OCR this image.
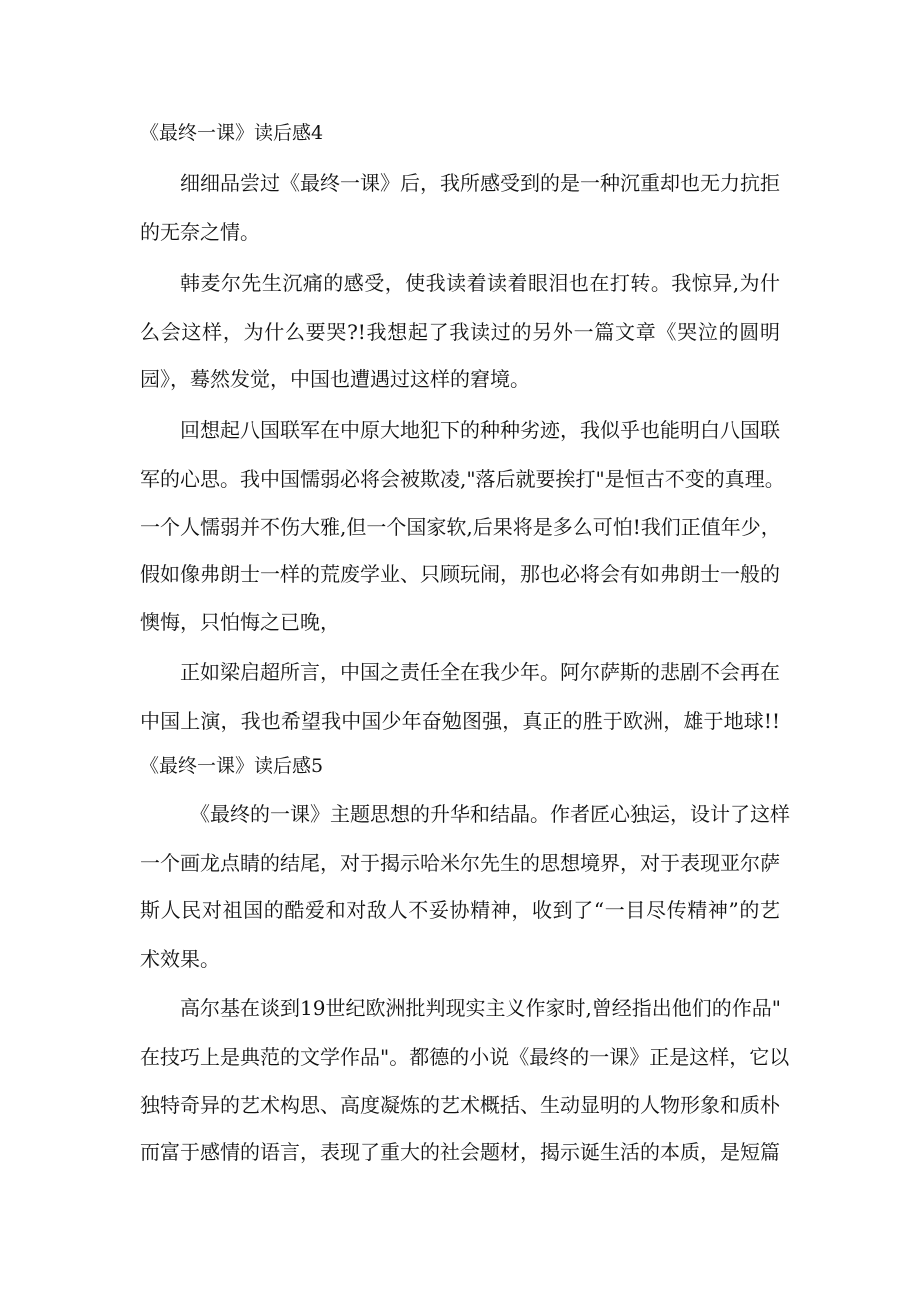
《最终一课》读后感4
细细品尝过《最终一课》后，我所感受到的是一种沉重却也无力抗拒
的无奈之情。
韩麦尔先生沉痛的感受，使我读着读着眼泪也在打转。我惊异,为什
么会这样，为什么要哭?!我想起了我读过的另外一篇文章《哭泣的圆明
园》，蓦然发觉，中国也遭遇过这样的窘境。
回想起八国联军在中原大地犯下的种种劣迹，我似乎也能明白八国联
军的心思。我中国懦弱必将会被欺凌,"落后就要挨打"是恒古不变的真理。
一个人懦弱并不伤大雅,但一个国家软,后果将是多么可怕!我们正值年少，
假如像弗朗士一样的荒废学业、只顾玩闹，那也必将会有如弗朗士一般的
懊悔，只怕悔之已晚，
正如梁启超所言，中国之责任全在我少年。阿尔萨斯的悲剧不会再在
中国上演，我也希望我中国少年奋勉图强，真正的胜于欧洲，雄于地球!!
《最终一课》读后感5
《最终的一课》主题思想的升华和结晶。作者匠心独运，设计了这样
一个画龙点睛的结尾，对于揭示哈米尔先生的思想境界，对于表现亚尔萨
斯人民对祖国的酷爱和对敌人不妥协精神，收到了“一目尽传精神”的艺
术效果。
高尔基在谈到19世纪欧洲批判现实主义作家时,曾经指出他们的作品"
在技巧上是典范的文学作品"。都德的小说《最终的一课》正是这样，它以
独特奇异的艺术构思、高度凝炼的艺术概括、生动显明的人物形象和质朴
而富于感情的语言，表现了重大的社会题材，揭示诞生活的本质，是短篇
